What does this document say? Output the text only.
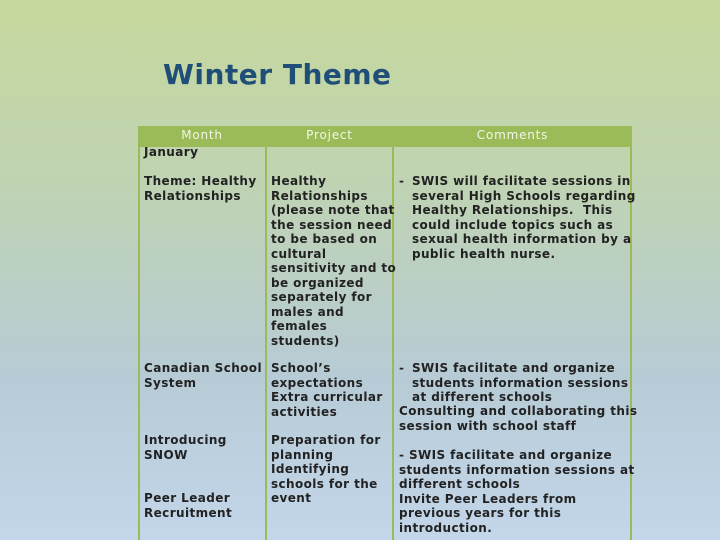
Winter Theme
Month	Project	Comments
January
Theme: Healthy
Relationships
Canadian School
System
Introducing
SNOW
Peer Leader
Recruitment
Healthy
Relationships
(please note that
the session need
to be based on
cultural
sensitivity and to
be organized
separately for
males and
females
students)
School’s
expectations
Extra curricular
activities
Preparation for
planning
Identifying
schools for the
event
- SWIS will facilitate sessions in
several High Schools regarding
Healthy Relationships.  This
could include topics such as
sexual health information by a
public health nurse.
- SWIS facilitate and organize
students information sessions
at different schools
Consulting and collaborating this
session with school staff
- SWIS facilitate and organize
students information sessions at
different schools
Invite Peer Leaders from
previous years for this
introduction.
